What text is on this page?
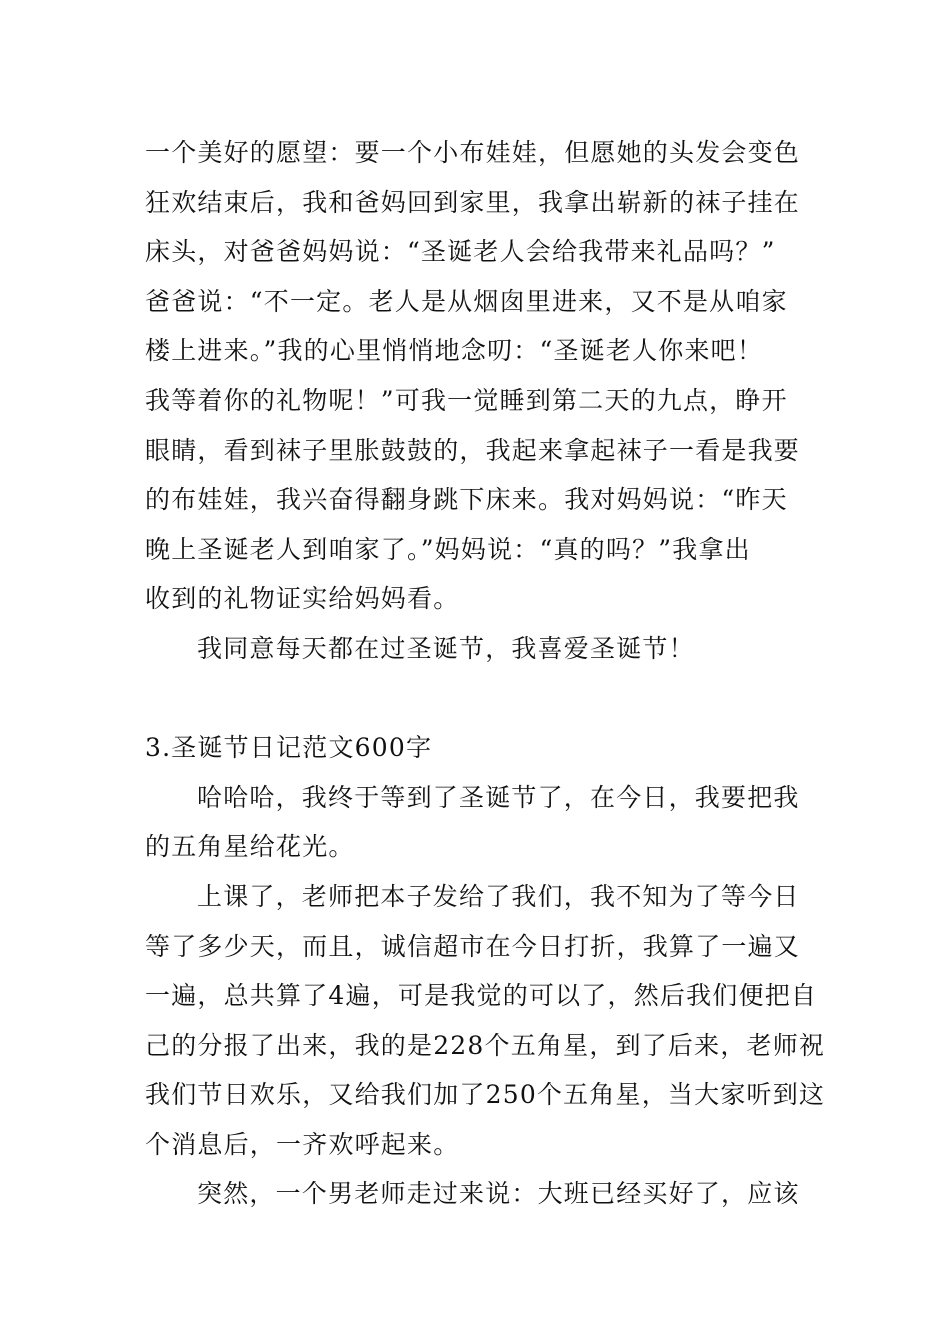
一个美好的愿望：要一个小布娃娃，但愿她的头发会变色
狂欢结束后，我和爸妈回到家里，我拿出崭新的袜子挂在
床头，对爸爸妈妈说：“圣诞老人会给我带来礼品吗？”
爸爸说：“不一定。老人是从烟囱里进来，又不是从咱家
楼上进来。”我的心里悄悄地念叨：“圣诞老人你来吧！
我等着你的礼物呢！”可我一觉睡到第二天的九点，睁开
眼睛，看到袜子里胀鼓鼓的，我起来拿起袜子一看是我要
的布娃娃，我兴奋得翻身跳下床来。我对妈妈说：“昨天
晚上圣诞老人到咱家了。”妈妈说：“真的吗？”我拿出
收到的礼物证实给妈妈看。
我同意每天都在过圣诞节，我喜爱圣诞节！
3.圣诞节日记范文600字
哈哈哈，我终于等到了圣诞节了，在今日，我要把我
的五角星给花光。
上课了，老师把本子发给了我们，我不知为了等今日
等了多少天，而且，诚信超市在今日打折，我算了一遍又
一遍，总共算了4遍，可是我觉的可以了，然后我们便把自
己的分报了出来，我的是228个五角星，到了后来，老师祝
我们节日欢乐，又给我们加了250个五角星，当大家听到这
个消息后，一齐欢呼起来。
突然，一个男老师走过来说：大班已经买好了，应该
